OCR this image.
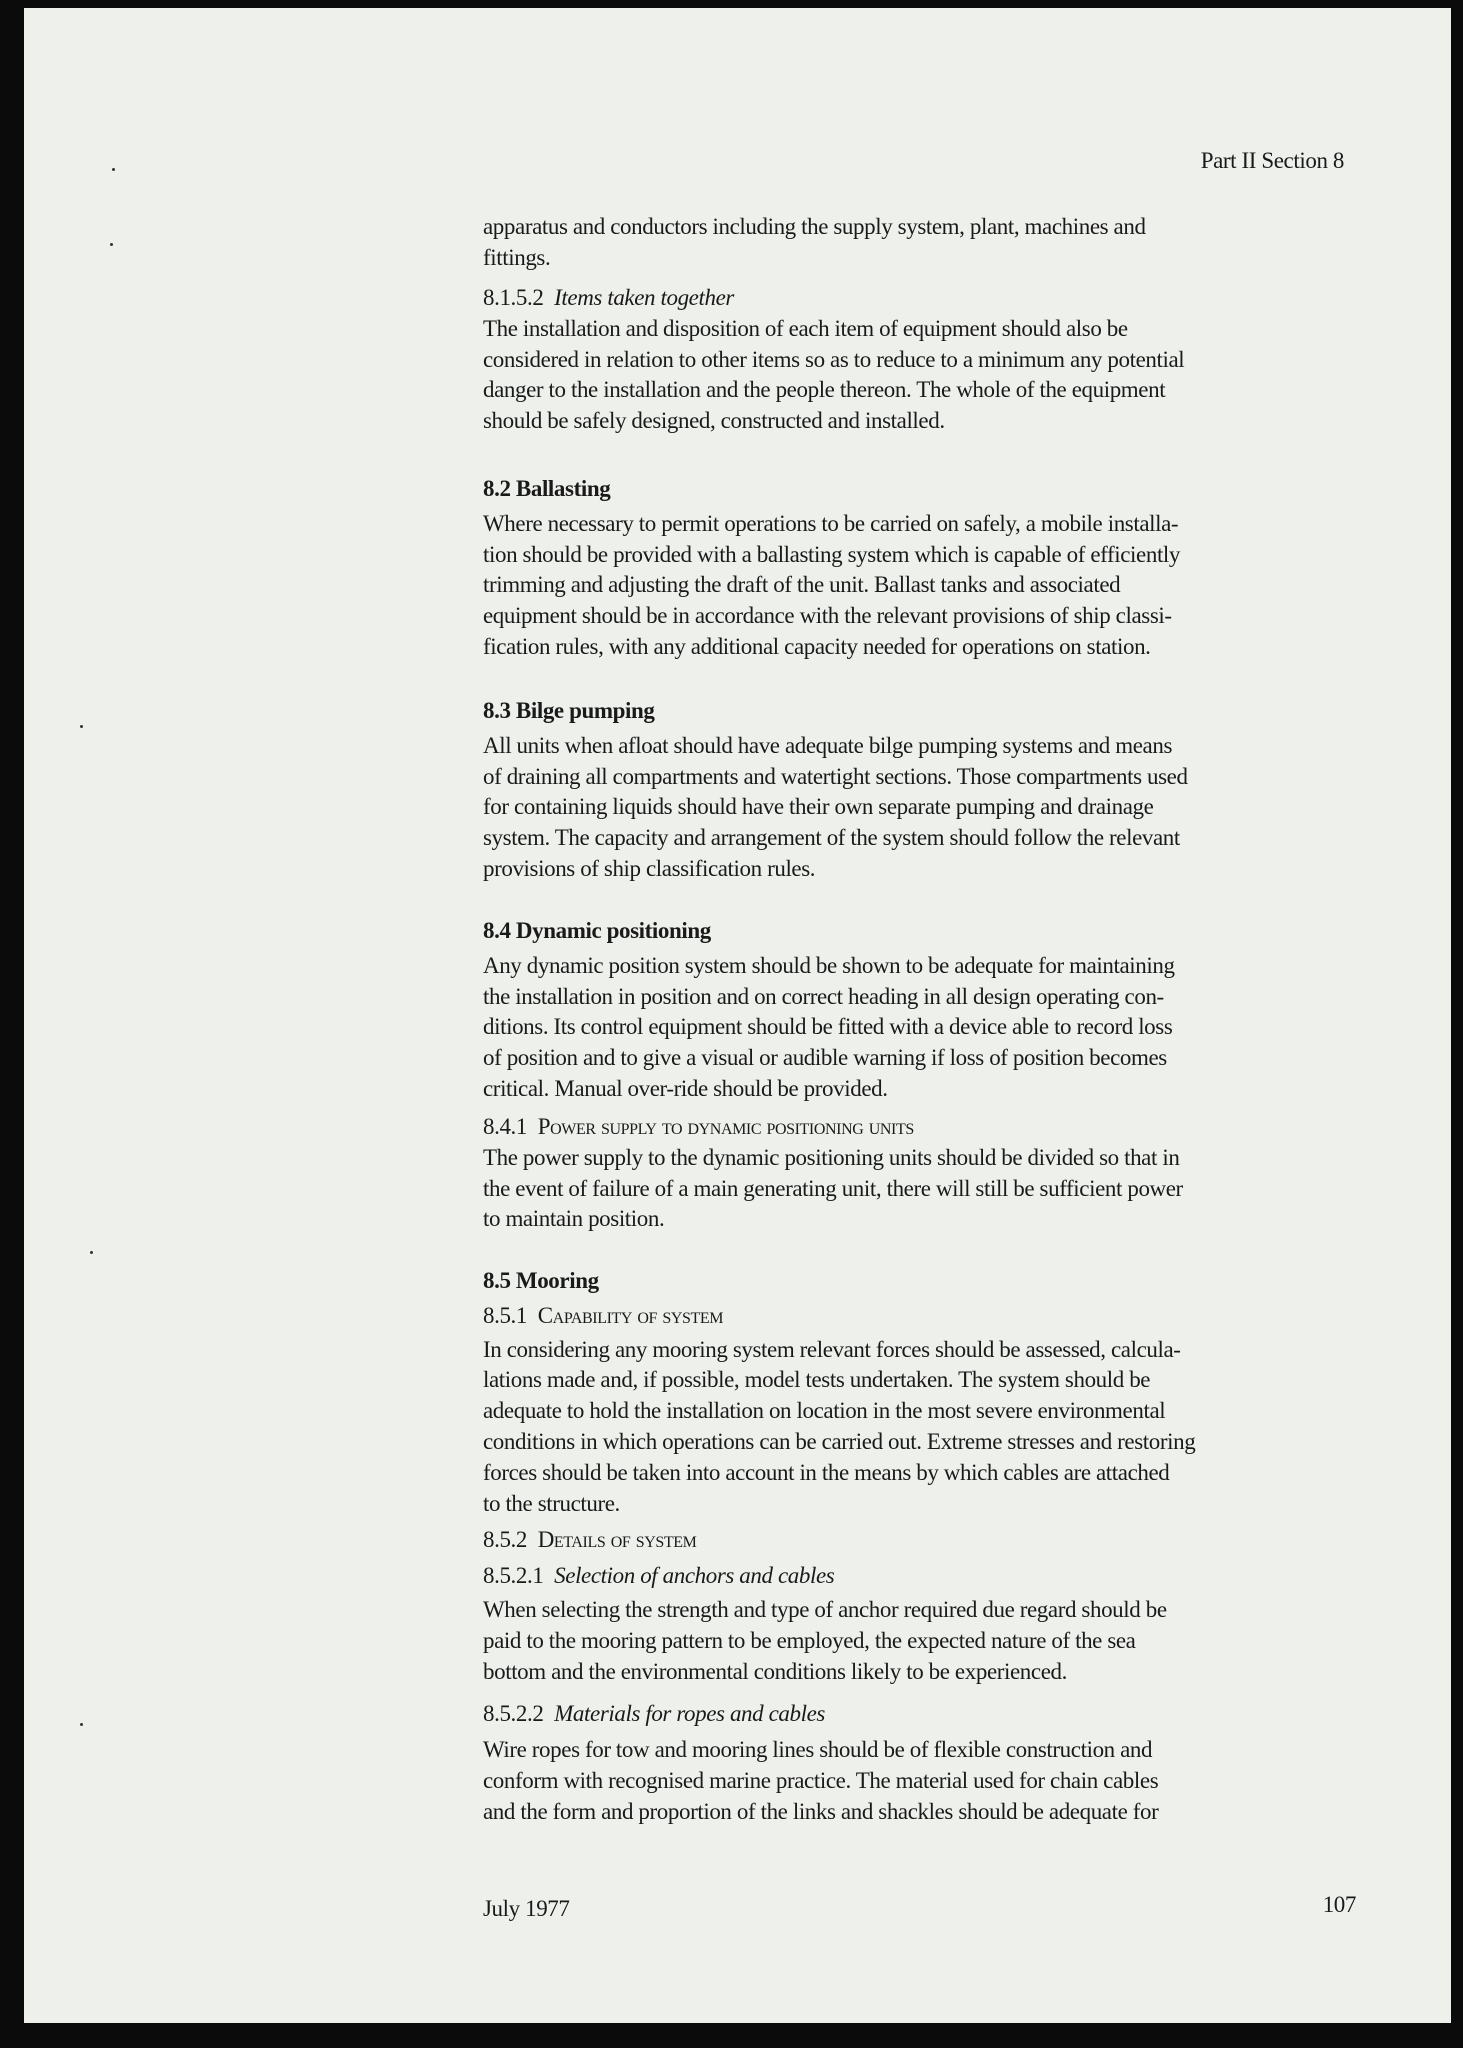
Part II Section 8
apparatus and conductors including the supply system, plant, machines and
fittings.
8.1.5.2 Items taken together
The installation and disposition of each item of equipment should also be
considered in relation to other items so as to reduce to a minimum any potential
danger to the installation and the people thereon. The whole of the equipment
should be safely designed, constructed and installed.
8.2 Ballasting
Where necessary to permit operations to be carried on safely, a mobile installa-
tion should be provided with a ballasting system which is capable of efficiently
trimming and adjusting the draft of the unit. Ballast tanks and associated
equipment should be in accordance with the relevant provisions of ship classi-
fication rules, with any additional capacity needed for operations on station.
8.3 Bilge pumping
All units when afloat should have adequate bilge pumping systems and means
of draining all compartments and watertight sections. Those compartments used
for containing liquids should have their own separate pumping and drainage
system. The capacity and arrangement of the system should follow the relevant
provisions of ship classification rules.
8.4 Dynamic positioning
Any dynamic position system should be shown to be adequate for maintaining
the installation in position and on correct heading in all design operating con-
ditions. Its control equipment should be fitted with a device able to record loss
of position and to give a visual or audible warning if loss of position becomes
critical. Manual over-ride should be provided.
8.4.1 Power supply to dynamic positioning units
The power supply to the dynamic positioning units should be divided so that in
the event of failure of a main generating unit, there will still be sufficient power
to maintain position.
8.5 Mooring
8.5.1 Capability of system
In considering any mooring system relevant forces should be assessed, calcula-
lations made and, if possible, model tests undertaken. The system should be
adequate to hold the installation on location in the most severe environmental
conditions in which operations can be carried out. Extreme stresses and restoring
forces should be taken into account in the means by which cables are attached
to the structure.
8.5.2 Details of system
8.5.2.1 Selection of anchors and cables
When selecting the strength and type of anchor required due regard should be
paid to the mooring pattern to be employed, the expected nature of the sea
bottom and the environmental conditions likely to be experienced.
8.5.2.2 Materials for ropes and cables
Wire ropes for tow and mooring lines should be of flexible construction and
conform with recognised marine practice. The material used for chain cables
and the form and proportion of the links and shackles should be adequate for
July 1977	107
